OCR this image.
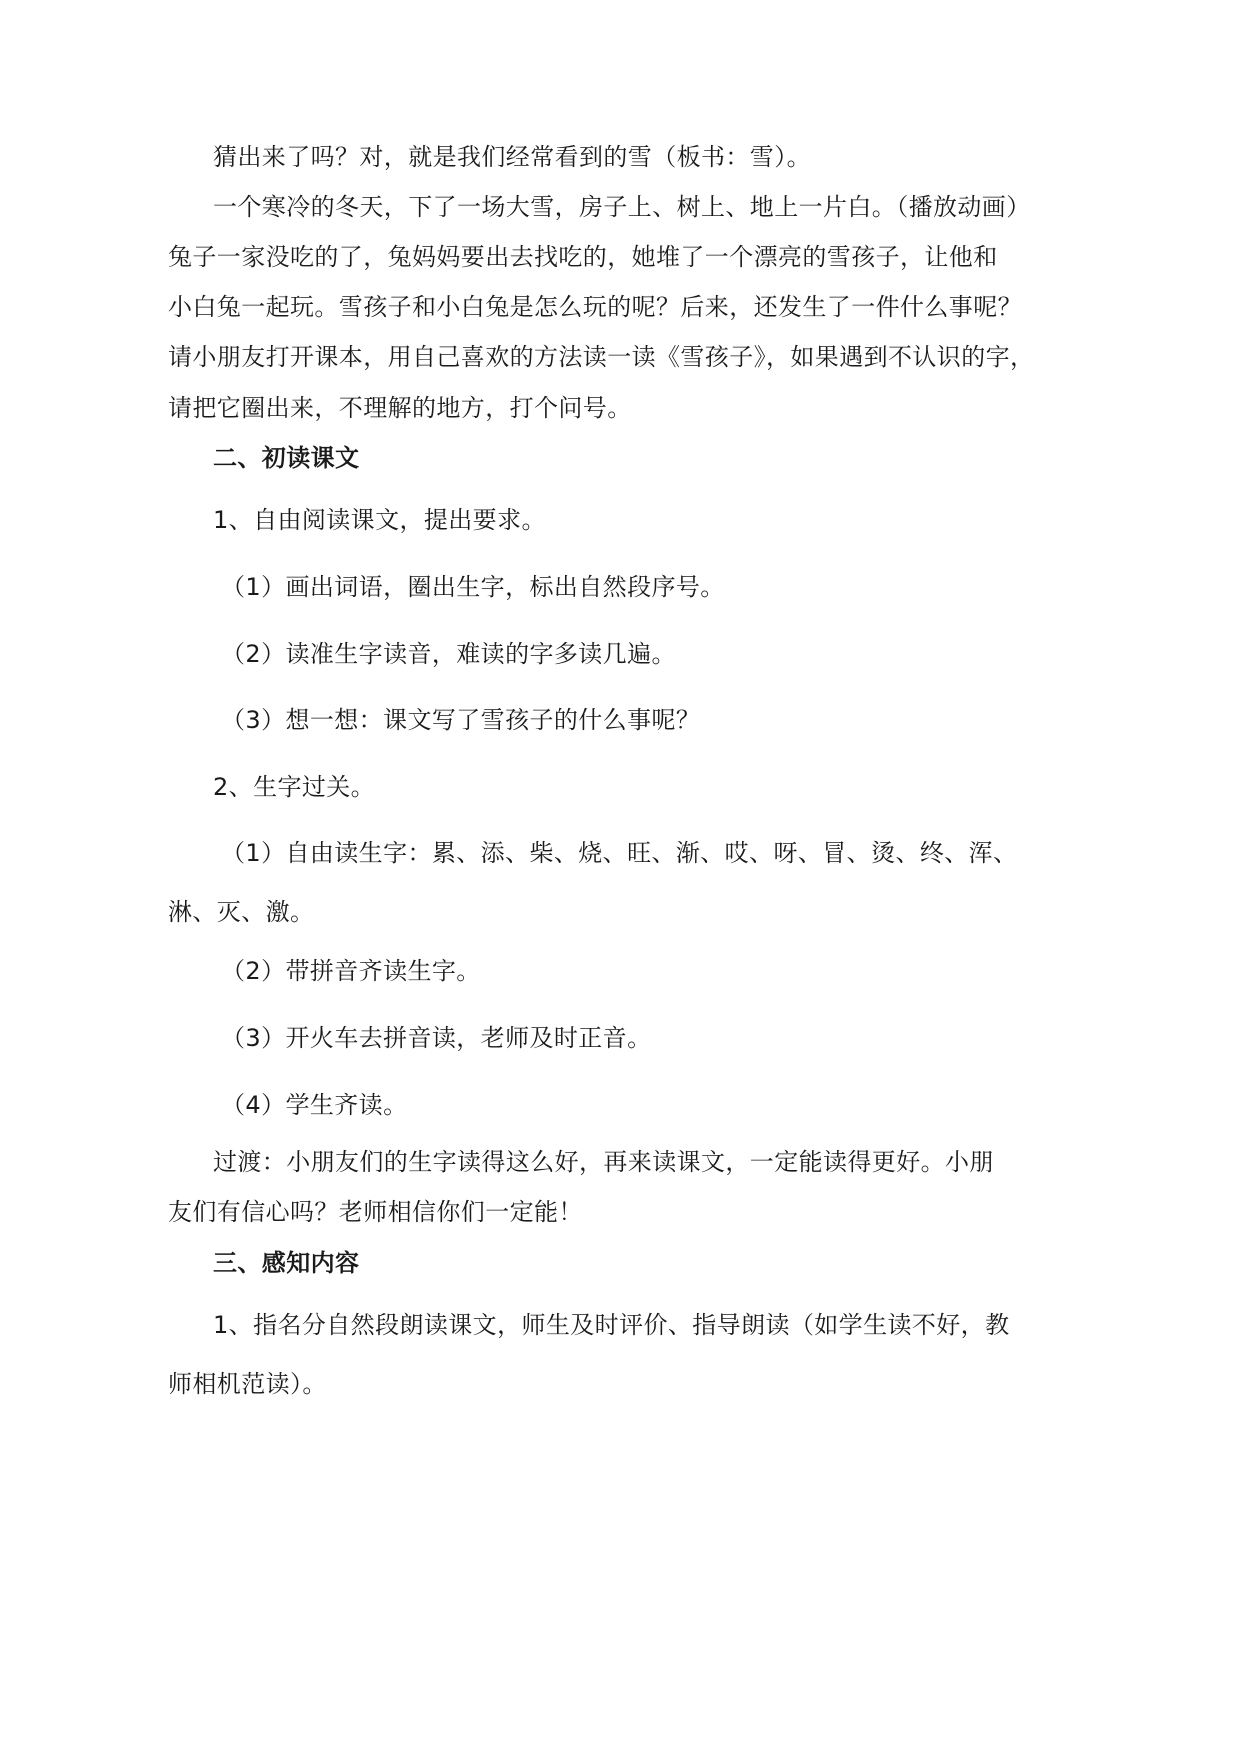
猜出来了吗？对，就是我们经常看到的雪（板书：雪）。

一个寒冷的冬天，下了一场大雪，房子上、树上、地上一片白。（播放动画）

兔子一家没吃的了，兔妈妈要出去找吃的，她堆了一个漂亮的雪孩子，让他和

小白兔一起玩。雪孩子和小白兔是怎么玩的呢？后来，还发生了一件什么事呢？

请小朋友打开课本，用自己喜欢的方法读一读《雪孩子》，如果遇到不认识的字，

请把它圈出来，不理解的地方，打个问号。

二、初读课文

1、自由阅读课文，提出要求。

（1）画出词语，圈出生字，标出自然段序号。

（2）读准生字读音，难读的字多读几遍。

（3）想一想：课文写了雪孩子的什么事呢？

2、生字过关。

（1）自由读生字：累、添、柴、烧、旺、渐、哎、呀、冒、烫、终、浑、

淋、灭、激。

（2）带拼音齐读生字。

（3）开火车去拼音读，老师及时正音。

（4）学生齐读。

过渡：小朋友们的生字读得这么好，再来读课文，一定能读得更好。小朋

友们有信心吗？老师相信你们一定能！

三、感知内容

1、指名分自然段朗读课文，师生及时评价、指导朗读（如学生读不好，教

师相机范读）。
